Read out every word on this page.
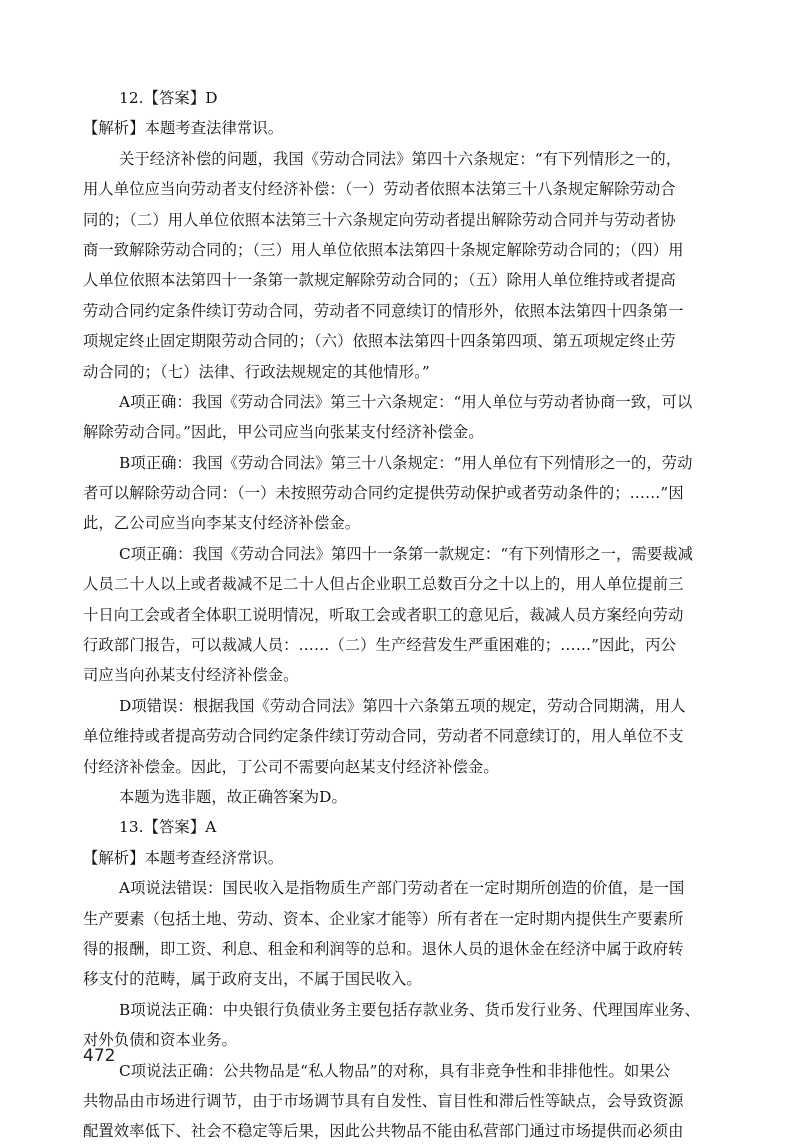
12.【答案】D
【解析】本题考查法律常识。
关于经济补偿的问题，我国《劳动合同法》第四十六条规定：“有下列情形之一的，
用人单位应当向劳动者支付经济补偿：（一）劳动者依照本法第三十八条规定解除劳动合
同的；（二）用人单位依照本法第三十六条规定向劳动者提出解除劳动合同并与劳动者协
商一致解除劳动合同的；（三）用人单位依照本法第四十条规定解除劳动合同的；（四）用
人单位依照本法第四十一条第一款规定解除劳动合同的；（五）除用人单位维持或者提高
劳动合同约定条件续订劳动合同，劳动者不同意续订的情形外，依照本法第四十四条第一
项规定终止固定期限劳动合同的；（六）依照本法第四十四条第四项、第五项规定终止劳
动合同的；（七）法律、行政法规规定的其他情形。”
A项正确：我国《劳动合同法》第三十六条规定：“用人单位与劳动者协商一致，可以
解除劳动合同。”因此，甲公司应当向张某支付经济补偿金。
B项正确：我国《劳动合同法》第三十八条规定：“用人单位有下列情形之一的，劳动
者可以解除劳动合同：（一）未按照劳动合同约定提供劳动保护或者劳动条件的；……”因
此，乙公司应当向李某支付经济补偿金。
C项正确：我国《劳动合同法》第四十一条第一款规定：“有下列情形之一，需要裁减
人员二十人以上或者裁减不足二十人但占企业职工总数百分之十以上的，用人单位提前三
十日向工会或者全体职工说明情况，听取工会或者职工的意见后，裁减人员方案经向劳动
行政部门报告，可以裁减人员：……（二）生产经营发生严重困难的；……”因此，丙公
司应当向孙某支付经济补偿金。
D项错误：根据我国《劳动合同法》第四十六条第五项的规定，劳动合同期满，用人
单位维持或者提高劳动合同约定条件续订劳动合同，劳动者不同意续订的，用人单位不支
付经济补偿金。因此，丁公司不需要向赵某支付经济补偿金。
本题为选非题，故正确答案为D。
13.【答案】A
【解析】本题考查经济常识。
A项说法错误：国民收入是指物质生产部门劳动者在一定时期所创造的价值，是一国
生产要素（包括土地、劳动、资本、企业家才能等）所有者在一定时期内提供生产要素所
得的报酬，即工资、利息、租金和利润等的总和。退休人员的退休金在经济中属于政府转
移支付的范畴，属于政府支出，不属于国民收入。
B项说法正确：中央银行负债业务主要包括存款业务、货币发行业务、代理国库业务、
对外负债和资本业务。
C项说法正确：公共物品是“私人物品”的对称，具有非竞争性和非排他性。如果公
共物品由市场进行调节，由于市场调节具有自发性、盲目性和滞后性等缺点，会导致资源
配置效率低下、社会不稳定等后果，因此公共物品不能由私营部门通过市场提供而必须由
472
